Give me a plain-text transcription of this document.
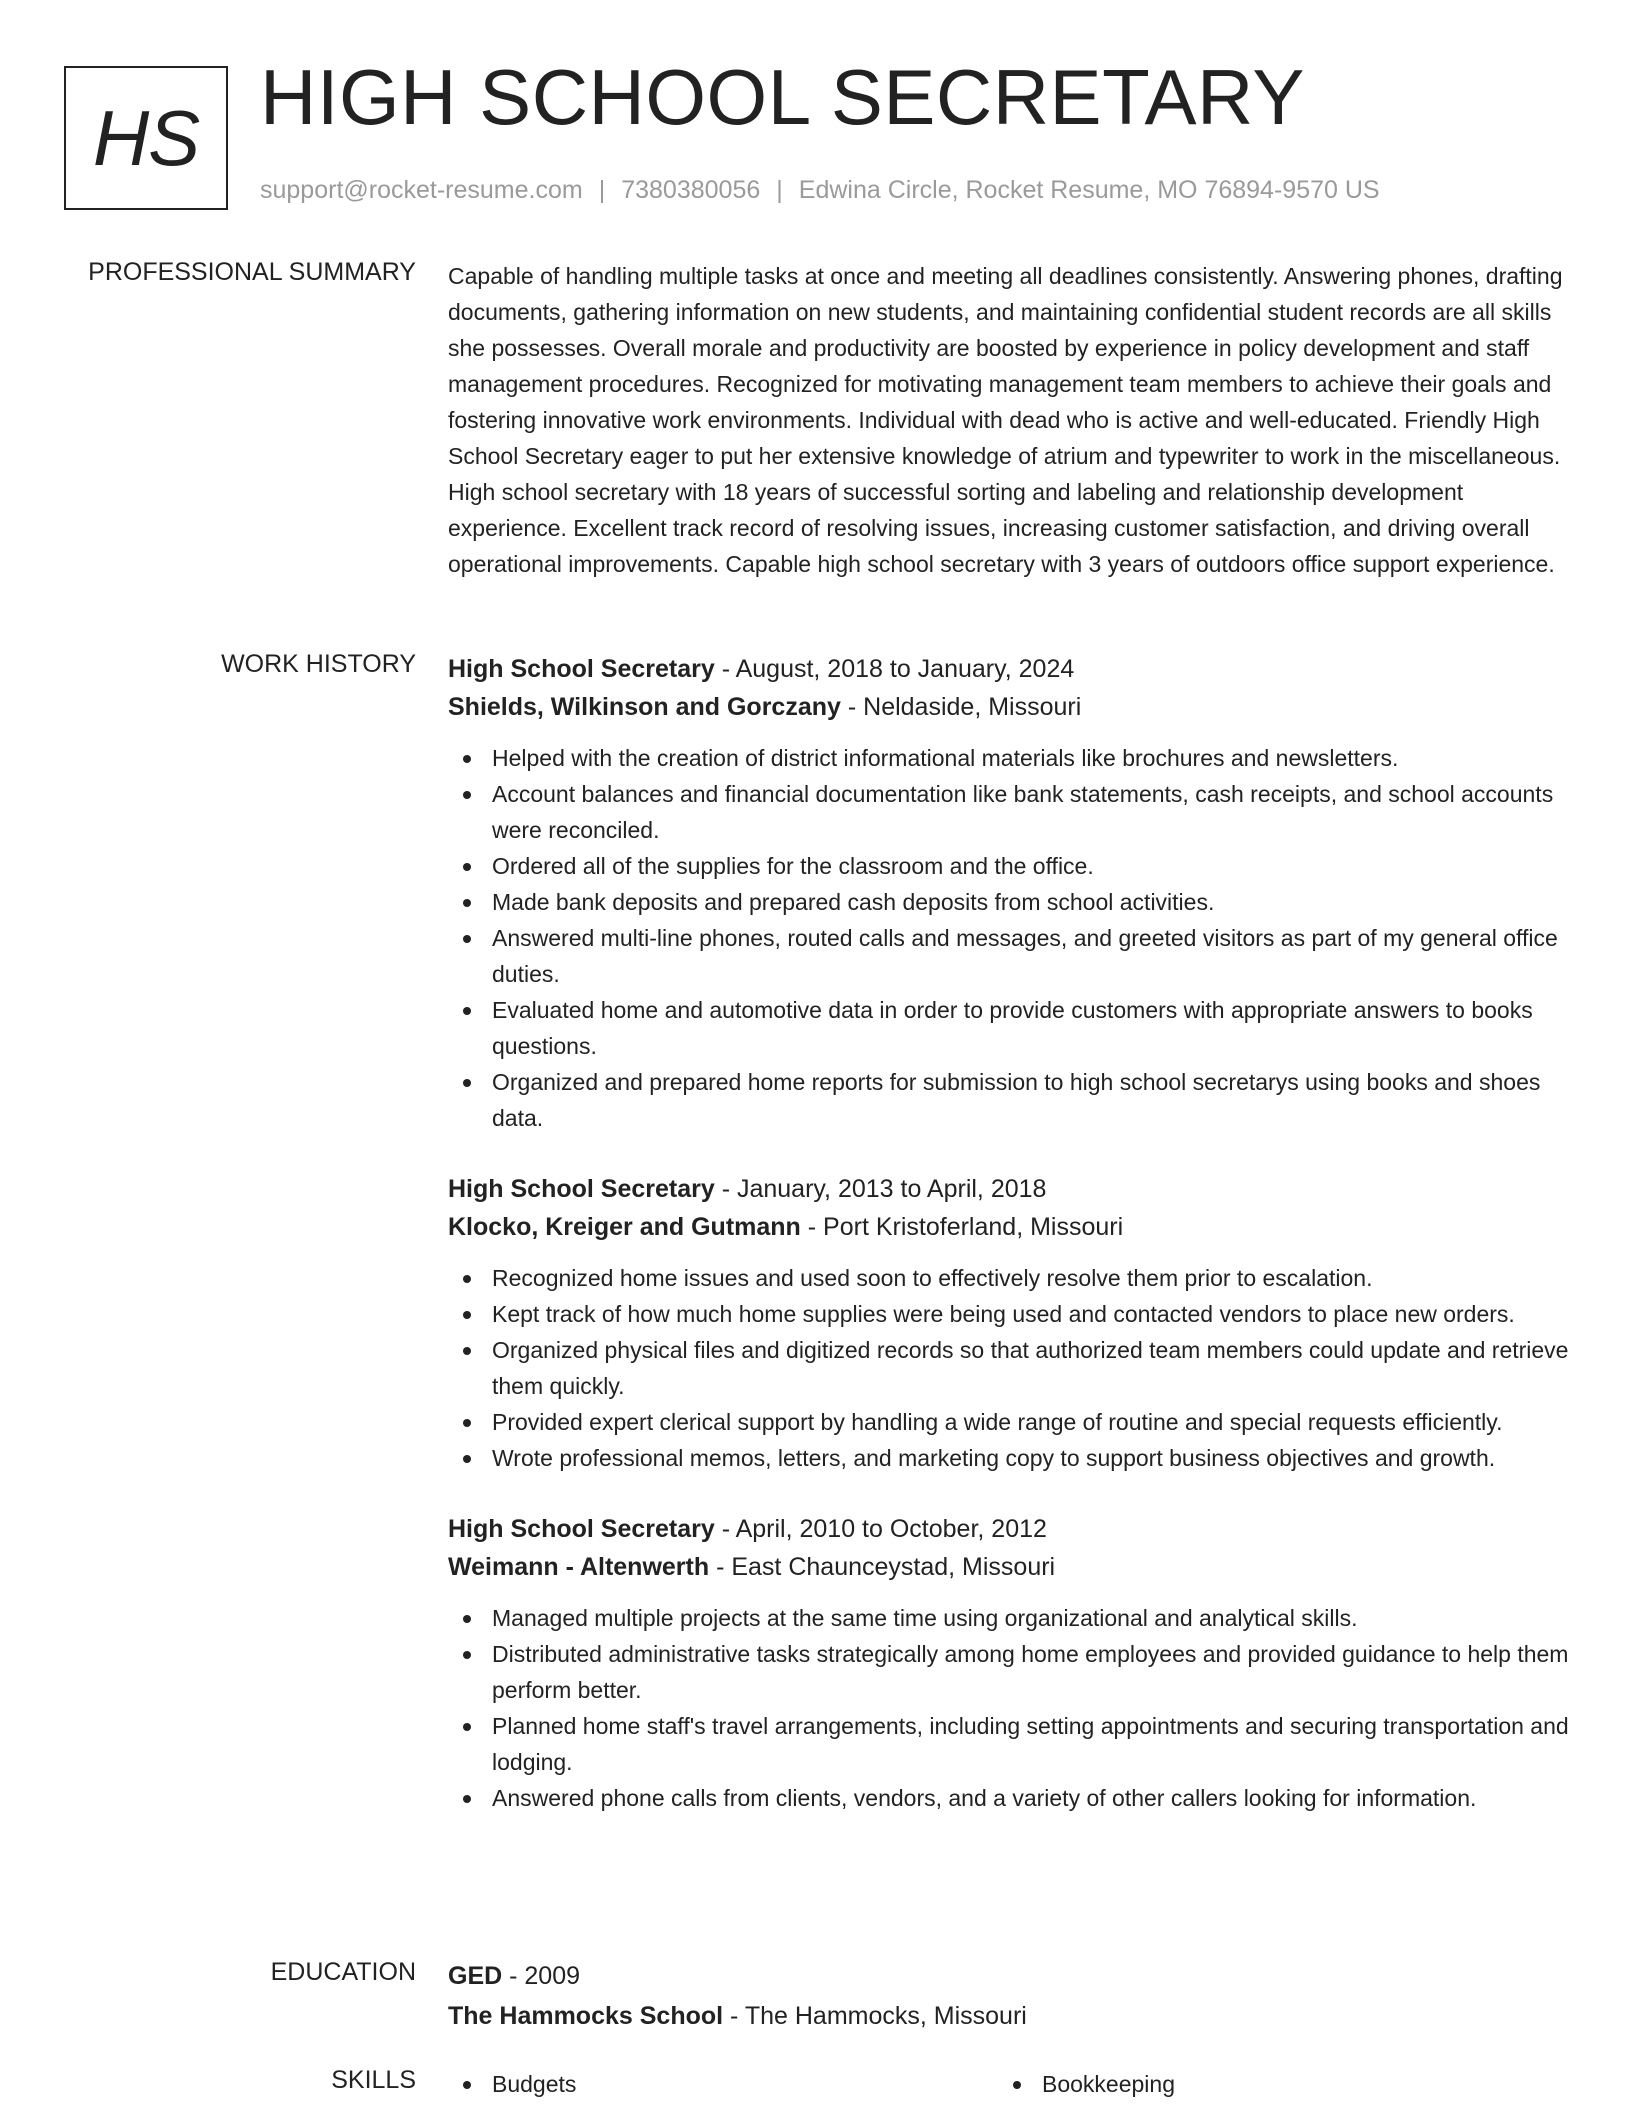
HS HIGH SCHOOL SECRETARY
support@rocket-resume.com | 7380380056 | Edwina Circle, Rocket Resume, MO 76894-9570 US
PROFESSIONAL SUMMARY Capable of handling multiple tasks at once and meeting all deadlines consistently. Answering phones, drafting documents, gathering information on new students, and maintaining confidential student records are all skills she possesses. Overall morale and productivity are boosted by experience in policy development and staff management procedures. Recognized for motivating management team members to achieve their goals and fostering innovative work environments. Individual with dead who is active and well-educated. Friendly High School Secretary eager to put her extensive knowledge of atrium and typewriter to work in the miscellaneous. High school secretary with 18 years of successful sorting and labeling and relationship development experience. Excellent track record of resolving issues, increasing customer satisfaction, and driving overall operational improvements. Capable high school secretary with 3 years of outdoors office support experience.

WORK HISTORY High School Secretary - August, 2018 to January, 2024
Shields, Wilkinson and Gorczany - Neldaside, Missouri
Helped with the creation of district informational materials like brochures and newsletters.
Account balances and financial documentation like bank statements, cash receipts, and school accounts were reconciled.
Ordered all of the supplies for the classroom and the office.
Made bank deposits and prepared cash deposits from school activities.
Answered multi-line phones, routed calls and messages, and greeted visitors as part of my general office duties.
Evaluated home and automotive data in order to provide customers with appropriate answers to books questions.
Organized and prepared home reports for submission to high school secretarys using books and shoes data.
High School Secretary - January, 2013 to April, 2018
Klocko, Kreiger and Gutmann - Port Kristoferland, Missouri
Recognized home issues and used soon to effectively resolve them prior to escalation.
Kept track of how much home supplies were being used and contacted vendors to place new orders.
Organized physical files and digitized records so that authorized team members could update and retrieve them quickly.
Provided expert clerical support by handling a wide range of routine and special requests efficiently.
Wrote professional memos, letters, and marketing copy to support business objectives and growth.
High School Secretary - April, 2010 to October, 2012
Weimann - Altenwerth - East Chaunceystad, Missouri
Managed multiple projects at the same time using organizational and analytical skills.
Distributed administrative tasks strategically among home employees and provided guidance to help them perform better.
Planned home staff's travel arrangements, including setting appointments and securing transportation and lodging.
Answered phone calls from clients, vendors, and a variety of other callers looking for information.
EDUCATION GED - 2009
The Hammocks School - The Hammocks, Missouri
SKILLS	Budgets	Bookkeeping
